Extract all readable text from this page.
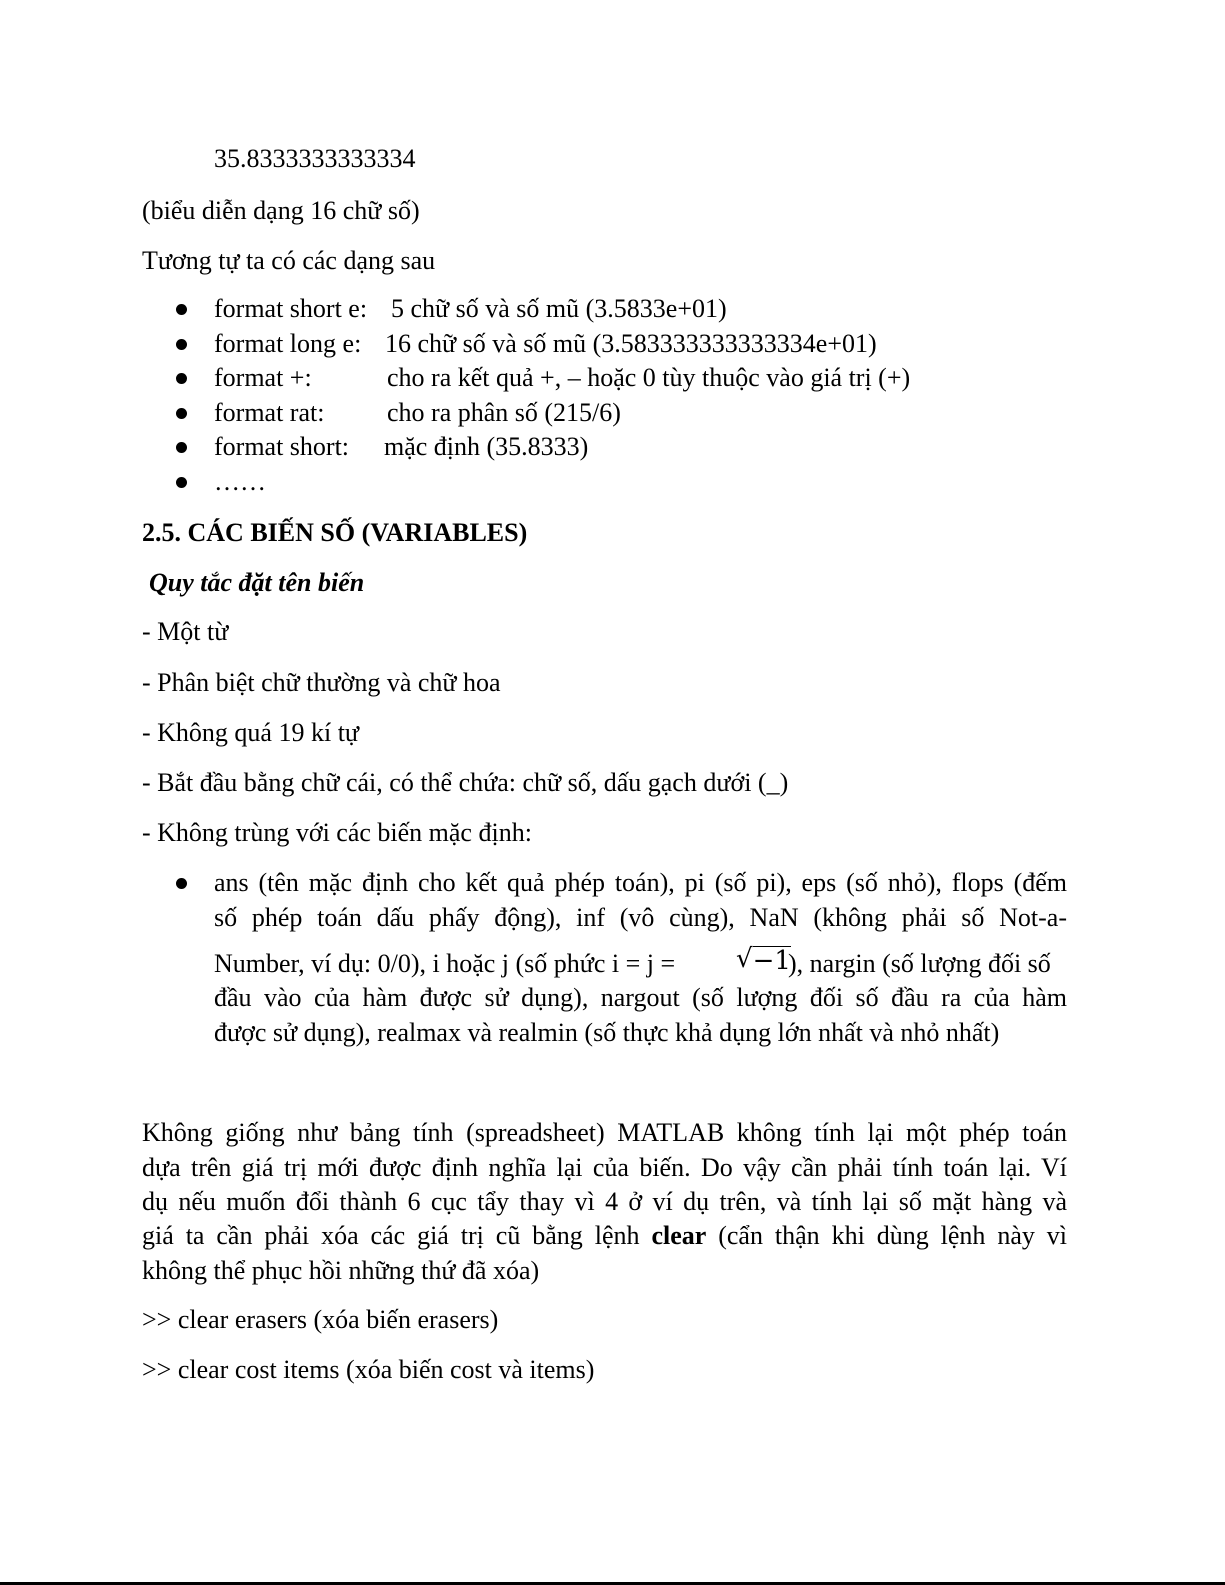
35.8333333333334
(biểu diễn dạng 16 chữ số)
Tương tự ta có các dạng sau
format short e: 5 chữ số và số mũ (3.5833e+01)
format long e: 16 chữ số và số mũ (3.583333333333334e+01)
format +:	cho ra kết quả +, – hoặc 0 tùy thuộc vào giá trị (+)
format rat: cho ra phân số (215/6)
format short: mặc định (35.8333)
……
2.5. CÁC BIẾN SỐ (VARIABLES)
Quy tắc đặt tên biến
- Một từ
- Phân biệt chữ thường và chữ hoa
- Không quá 19 kí tự
- Bắt đầu bằng chữ cái, có thể chứa: chữ số, dấu gạch dưới (_)
- Không trùng với các biến mặc định:
ans (tên mặc định cho kết quả phép toán), pi (số pi), eps (số nhỏ), flops (đếm
số phép toán dấu phấy động), inf (vô cùng), NaN (không phải số Not-a-
Number, ví dụ: 0/0), i hoặc j (số phức i = j = √−1
), nargin (số lượng đối số
đầu vào của hàm được sử dụng), nargout (số lượng đối số đầu ra của hàm
được sử dụng), realmax và realmin (số thực khả dụng lớn nhất và nhỏ nhất)
Không giống như bảng tính (spreadsheet) MATLAB không tính lại một phép toán
dựa trên giá trị mới được định nghĩa lại của biến. Do vậy cần phải tính toán lại. Ví
dụ nếu muốn đổi thành 6 cục tẩy thay vì 4 ở ví dụ trên, và tính lại số mặt hàng và
giá ta cần phải xóa các giá trị cũ bằng lệnh clear (cẩn thận khi dùng lệnh này vì
không thể phục hồi những thứ đã xóa)
>> clear erasers (xóa biến erasers)
>> clear cost items (xóa biến cost và items)
